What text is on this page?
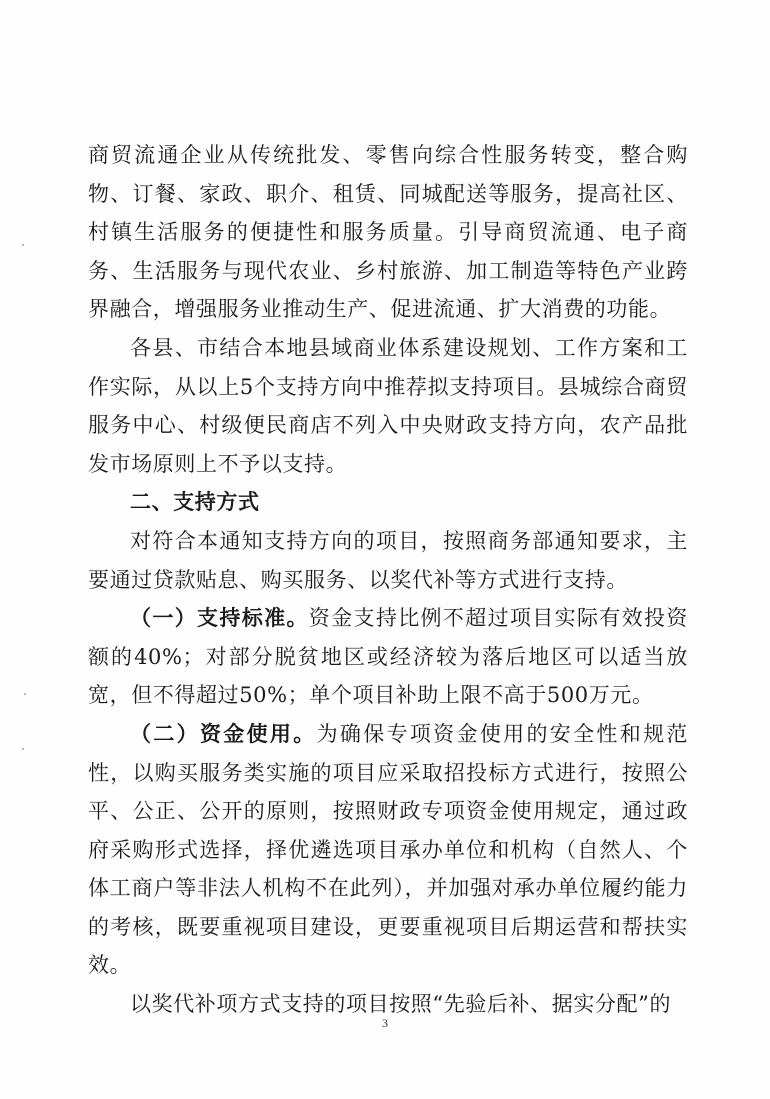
商贸流通企业从传统批发、零售向综合性服务转变，整合购物、订餐、家政、职介、租赁、同城配送等服务，提高社区、村镇生活服务的便捷性和服务质量。引导商贸流通、电子商务、生活服务与现代农业、乡村旅游、加工制造等特色产业跨界融合，增强服务业推动生产、促进流通、扩大消费的功能。

各县、市结合本地县域商业体系建设规划、工作方案和工作实际，从以上5个支持方向中推荐拟支持项目。县城综合商贸服务中心、村级便民商店不列入中央财政支持方向，农产品批发市场原则上不予以支持。

二、支持方式

对符合本通知支持方向的项目，按照商务部通知要求，主要通过贷款贴息、购买服务、以奖代补等方式进行支持。

（一）支持标准。资金支持比例不超过项目实际有效投资额的40%；对部分脱贫地区或经济较为落后地区可以适当放宽，但不得超过50%；单个项目补助上限不高于500万元。

（二）资金使用。为确保专项资金使用的安全性和规范性，以购买服务类实施的项目应采取招投标方式进行，按照公平、公正、公开的原则，按照财政专项资金使用规定，通过政府采购形式选择，择优遴选项目承办单位和机构（自然人、个体工商户等非法人机构不在此列），并加强对承办单位履约能力的考核，既要重视项目建设，更要重视项目后期运营和帮扶实效。

以奖代补项方式支持的项目按照“先验后补、据实分配”的

3
